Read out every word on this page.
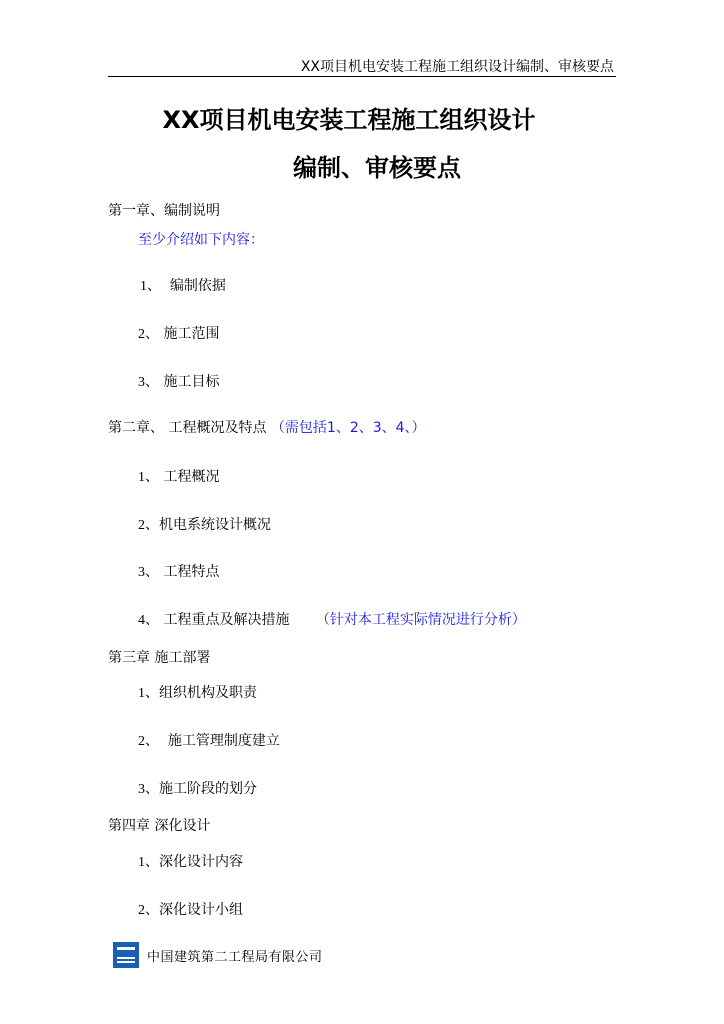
XX项目机电安装工程施工组织设计编制、审核要点
XX项目机电安装工程施工组织设计
编制、审核要点
第一章、编制说明
至少介绍如下内容：
1、 编制依据
2、 施工范围
3、 施工目标
第二章、 工程概况及特点 （需包括1、2、3、4、）
1、 工程概况
2、机电系统设计概况
3、 工程特点
4、 工程重点及解决措施 （针对本工程实际情况进行分析）
第三章 施工部署
1、组织机构及职责
2、 施工管理制度建立
3、施工阶段的划分
第四章 深化设计
1、深化设计内容
2、深化设计小组
中国建筑第二工程局有限公司
